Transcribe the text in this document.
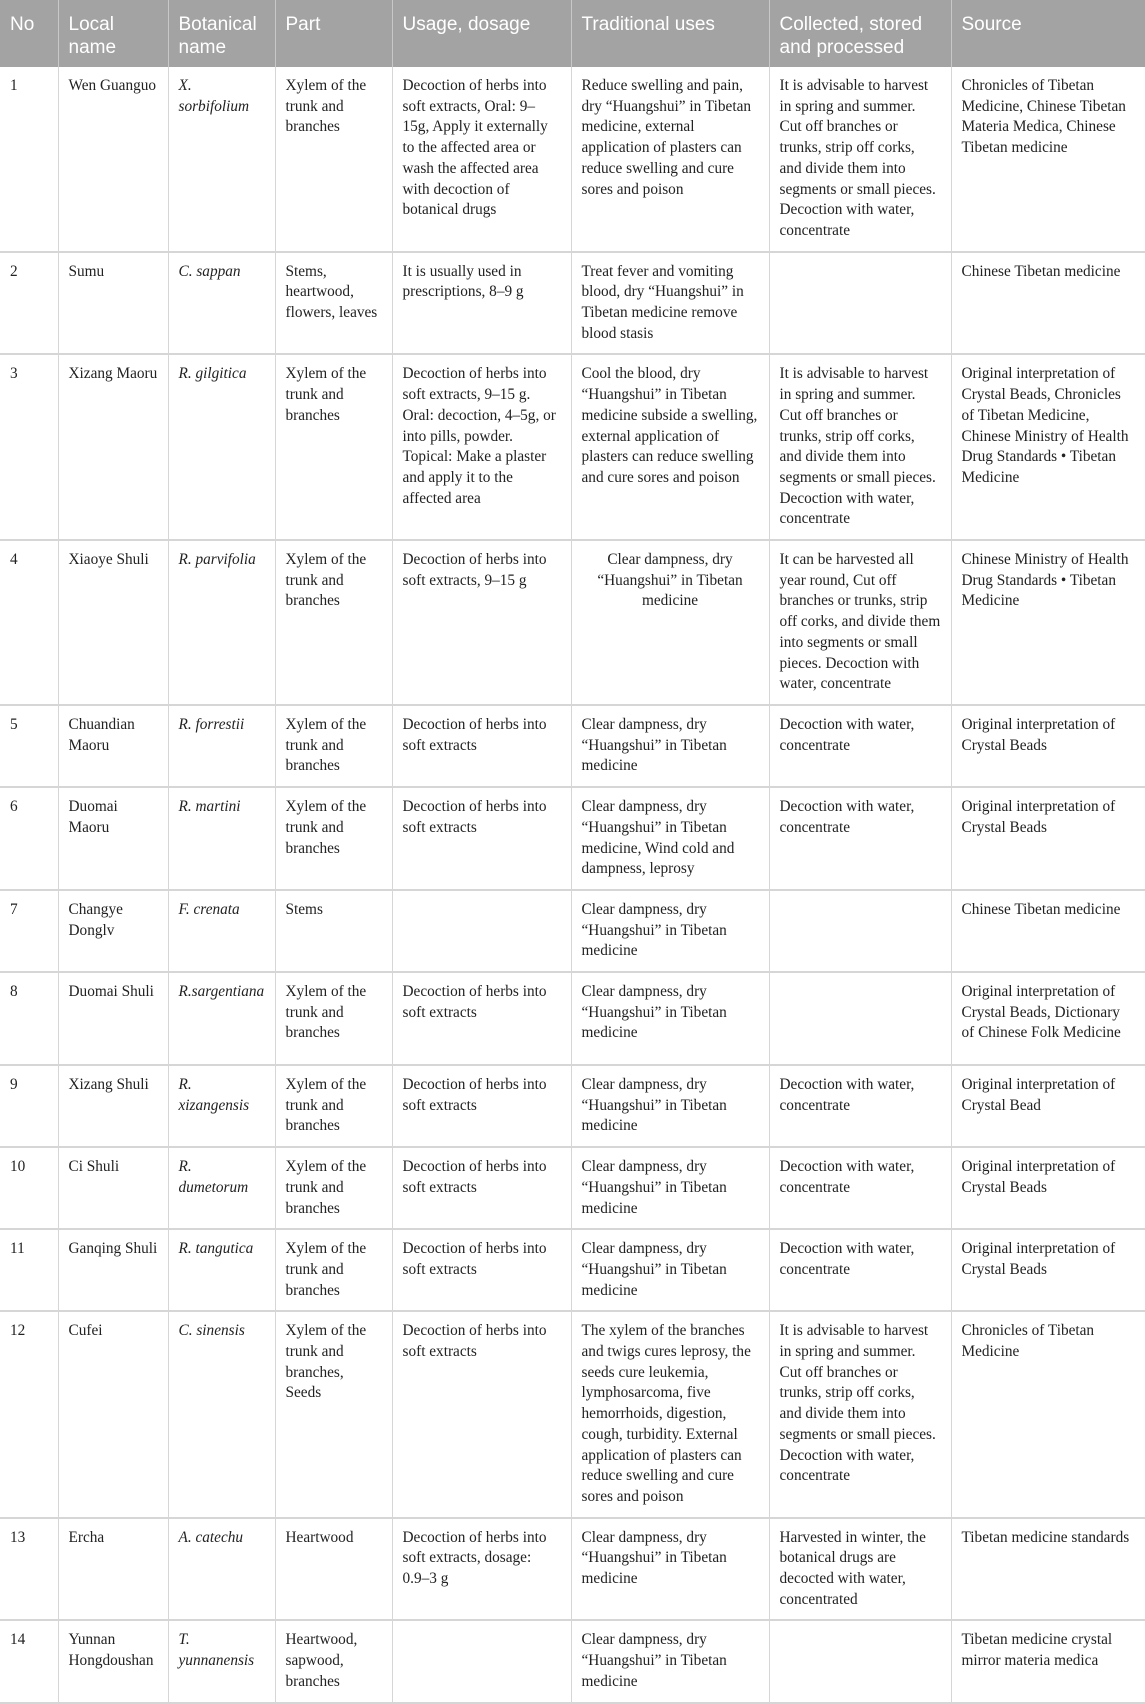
No	Local name	Botanical name	Part	Usage, dosage	Traditional uses	Collected, stored and processed	Source
1	Wen Guanguo	X. sorbifolium	Xylem of the trunk and branches	Decoction of herbs into soft extracts, Oral: 9–15g, Apply it externally to the affected area or wash the affected area with decoction of botanical drugs	Reduce swelling and pain, dry “Huangshui” in Tibetan medicine, external application of plasters can reduce swelling and cure sores and poison	It is advisable to harvest in spring and summer. Cut off branches or trunks, strip off corks, and divide them into segments or small pieces. Decoction with water, concentrate	Chronicles of Tibetan Medicine, Chinese Tibetan Materia Medica, Chinese Tibetan medicine
2	Sumu	C. sappan	Stems, heartwood, flowers, leaves	It is usually used in prescriptions, 8–9 g	Treat fever and vomiting blood, dry “Huangshui” in Tibetan medicine remove blood stasis		Chinese Tibetan medicine
3	Xizang Maoru	R. gilgitica	Xylem of the trunk and branches	Decoction of herbs into soft extracts, 9–15 g. Oral: decoction, 4–5g, or into pills, powder. Topical: Make a plaster and apply it to the affected area	Cool the blood, dry “Huangshui” in Tibetan medicine subside a swelling, external application of plasters can reduce swelling and cure sores and poison	It is advisable to harvest in spring and summer. Cut off branches or trunks, strip off corks, and divide them into segments or small pieces. Decoction with water, concentrate	Original interpretation of Crystal Beads, Chronicles of Tibetan Medicine, Chinese Ministry of Health Drug Standards • Tibetan Medicine
4	Xiaoye Shuli	R. parvifolia	Xylem of the trunk and branches	Decoction of herbs into soft extracts, 9–15 g	Clear dampness, dry “Huangshui” in Tibetan medicine	It can be harvested all year round, Cut off branches or trunks, strip off corks, and divide them into segments or small pieces. Decoction with water, concentrate	Chinese Ministry of Health Drug Standards • Tibetan Medicine
5	Chuandian Maoru	R. forrestii	Xylem of the trunk and branches	Decoction of herbs into soft extracts	Clear dampness, dry “Huangshui” in Tibetan medicine	Decoction with water, concentrate	Original interpretation of Crystal Beads
6	Duomai Maoru	R. martini	Xylem of the trunk and branches	Decoction of herbs into soft extracts	Clear dampness, dry “Huangshui” in Tibetan medicine, Wind cold and dampness, leprosy	Decoction with water, concentrate	Original interpretation of Crystal Beads
7	Changye Donglv	F. crenata	Stems		Clear dampness, dry “Huangshui” in Tibetan medicine		Chinese Tibetan medicine
8	Duomai Shuli	R.sargentiana	Xylem of the trunk and branches	Decoction of herbs into soft extracts	Clear dampness, dry “Huangshui” in Tibetan medicine		Original interpretation of Crystal Beads, Dictionary of Chinese Folk Medicine
9	Xizang Shuli	R. xizangensis	Xylem of the trunk and branches	Decoction of herbs into soft extracts	Clear dampness, dry “Huangshui” in Tibetan medicine	Decoction with water, concentrate	Original interpretation of Crystal Bead
10	Ci Shuli	R. dumetorum	Xylem of the trunk and branches	Decoction of herbs into soft extracts	Clear dampness, dry “Huangshui” in Tibetan medicine	Decoction with water, concentrate	Original interpretation of Crystal Beads
11	Ganqing Shuli	R. tangutica	Xylem of the trunk and branches	Decoction of herbs into soft extracts	Clear dampness, dry “Huangshui” in Tibetan medicine	Decoction with water, concentrate	Original interpretation of Crystal Beads
12	Cufei	C. sinensis	Xylem of the trunk and branches, Seeds	Decoction of herbs into soft extracts	The xylem of the branches and twigs cures leprosy, the seeds cure leukemia, lymphosarcoma, five hemorrhoids, digestion, cough, turbidity. External application of plasters can reduce swelling and cure sores and poison	It is advisable to harvest in spring and summer. Cut off branches or trunks, strip off corks, and divide them into segments or small pieces. Decoction with water, concentrate	Chronicles of Tibetan Medicine
13	Ercha	A. catechu	Heartwood	Decoction of herbs into soft extracts, dosage: 0.9–3 g	Clear dampness, dry “Huangshui” in Tibetan medicine	Harvested in winter, the botanical drugs are decocted with water, concentrated	Tibetan medicine standards
14	Yunnan Hongdoushan	T. yunnanensis	Heartwood, sapwood, branches		Clear dampness, dry “Huangshui” in Tibetan medicine		Tibetan medicine crystal mirror materia medica
